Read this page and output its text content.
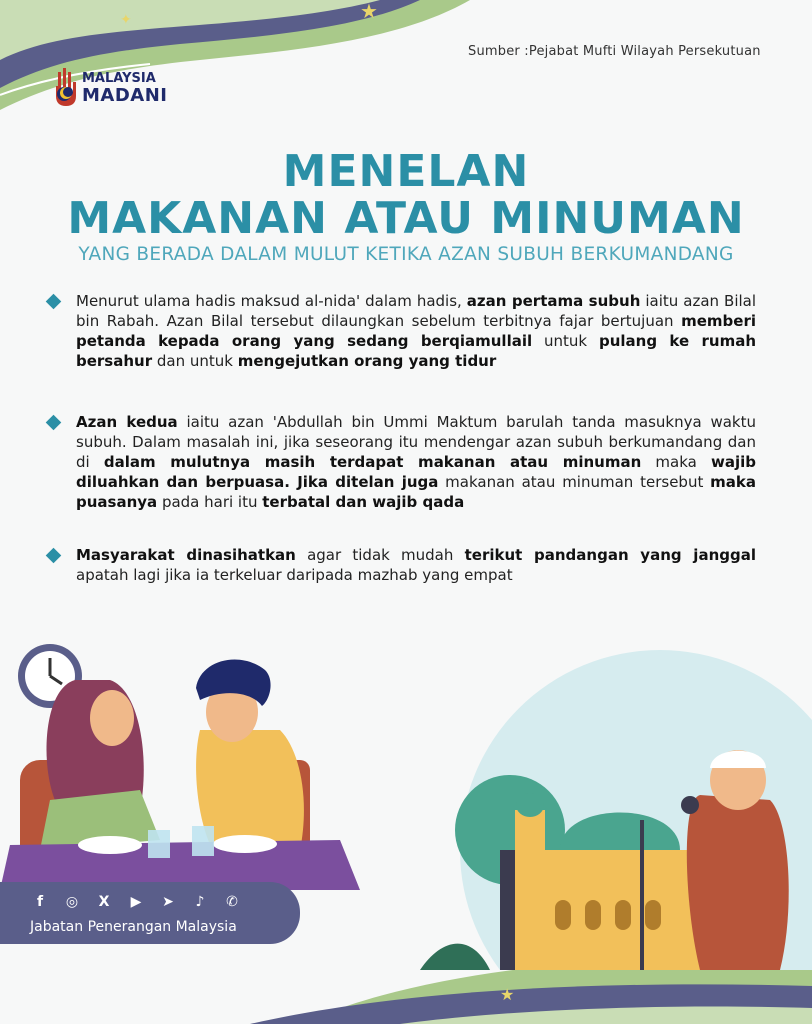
✦	★
★
Sumber :Pejabat Mufti Wilayah Persekutuan
MALAYSIA
MADANI
MENELAN
MAKANAN ATAU MINUMAN
YANG BERADA DALAM MULUT KETIKA AZAN SUBUH BERKUMANDANG
Menurut ulama hadis maksud al-nida' dalam hadis, azan pertama subuh iaitu azan Bilal bin Rabah. Azan Bilal tersebut dilaungkan sebelum terbitnya fajar bertujuan memberi petanda kepada orang yang sedang berqiamullail untuk pulang ke rumah bersahur dan untuk mengejutkan orang yang tidur
Azan kedua iaitu azan 'Abdullah bin Ummi Maktum barulah tanda masuknya waktu subuh. Dalam masalah ini, jika seseorang itu mendengar azan subuh berkumandang dan di dalam mulutnya masih terdapat makanan atau minuman maka wajib diluahkan dan berpuasa. Jika ditelan juga makanan atau minuman tersebut maka puasanya pada hari itu terbatal dan wajib qada
Masyarakat dinasihatkan agar tidak mudah terikut pandangan yang janggal apatah lagi jika ia terkeluar daripada mazhab yang empat
f	◎	X	▶	➤	♪	✆
Jabatan Penerangan Malaysia
